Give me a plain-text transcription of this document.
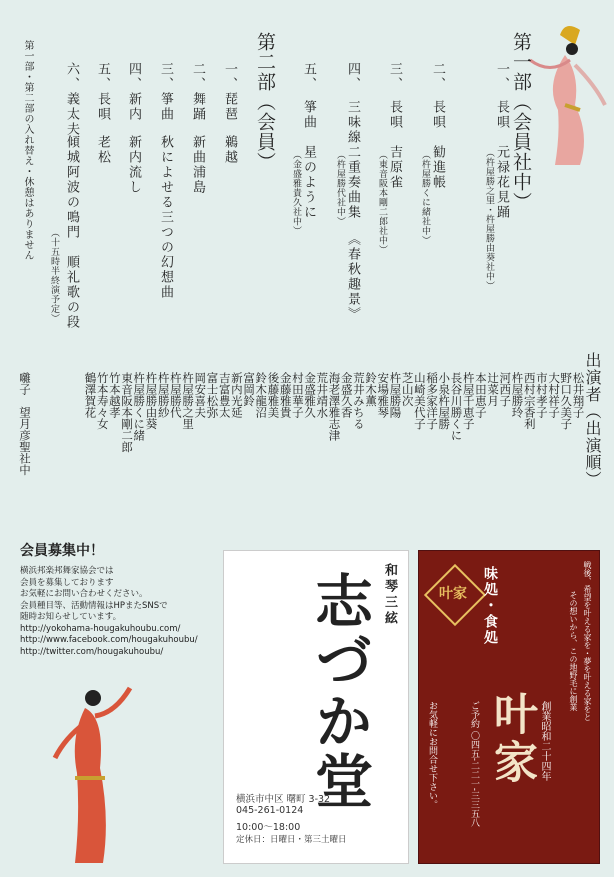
第一部（会員社中）
一、
長唄
元禄花見踊
（杵屋勝之里・杵屋勝由葵社中）
二、
長唄
勧進帳
（杵屋勝くに緒社中）
三、
長唄
吉原雀
（東音阪本剛二郎社中）
四、
三味線二重奏曲集
《春秋趣景》
（杵屋勝代社中）
五、
箏曲
星のように
（金盛雅貴久社中）
第二部（会員）
一、
琵琶
鵜越
二、
舞踊
新曲浦島
三、
箏曲
秋によせる三つの幻想曲
四、
新内
新内流し
五、
長唄
老松
六、
義太夫
傾城阿波の鳴門　順礼歌の段
（十五時半終演予定）
第一部・第二部の入れ替え・休憩はありません
出演者（出演順）
松井翔子
野口久美子
大村祥子
市村孝子
西村宗香利
杵屋勝玲
河西子
辻菜月
本田恵子
杵屋千恵子
長谷川勝くに
小泉杵屋勝
稲多家洋子
山崎美代子
芝山次
杵屋勝陽
安場雅琴
鈴木薫
荒井みちる
金盛久香
海老澤雅志津
荒井靖水
金盛雅久
村田華子
金藤雅貴
後藤雅美
鈴木龍沼
富岡鈴
新内光延
吉富豊太
富士松弥
岡安喜夫
杵屋勝之里
杵屋勝代
杵屋勝紗
杵屋勝由葵
杵屋勝くに緒
東音阪本剛二郎
竹本越孝
竹本寿々女
鶴澤賀花
囃子　望月彦聖社中
会員募集中！

横浜邦楽邦舞家協会では

会員を募集しております

お気軽にお問い合わせください。

会員種目等、活動情報はHPまたSNSで

随時お知らせしています。

http://yokohama-hougakuhoubu.com/

http://www.facebook.com/hougakuhoubu/

http://twitter.com/hougakuhoubu/

和琴三絃
志づか堂
横浜市中区 曙町 3-32
045-261-0124
10:00～18:00
定休日：日曜日・第三土曜日
叶家	味処・食処
叶家
戦後、希望を叶える家を・夢を叶える家をと
その想いから、この地野毛に創業
創業昭和二十四年
ご予約 〇四五‐二二一‐三三五八
お気軽にお問合せ下さい。
